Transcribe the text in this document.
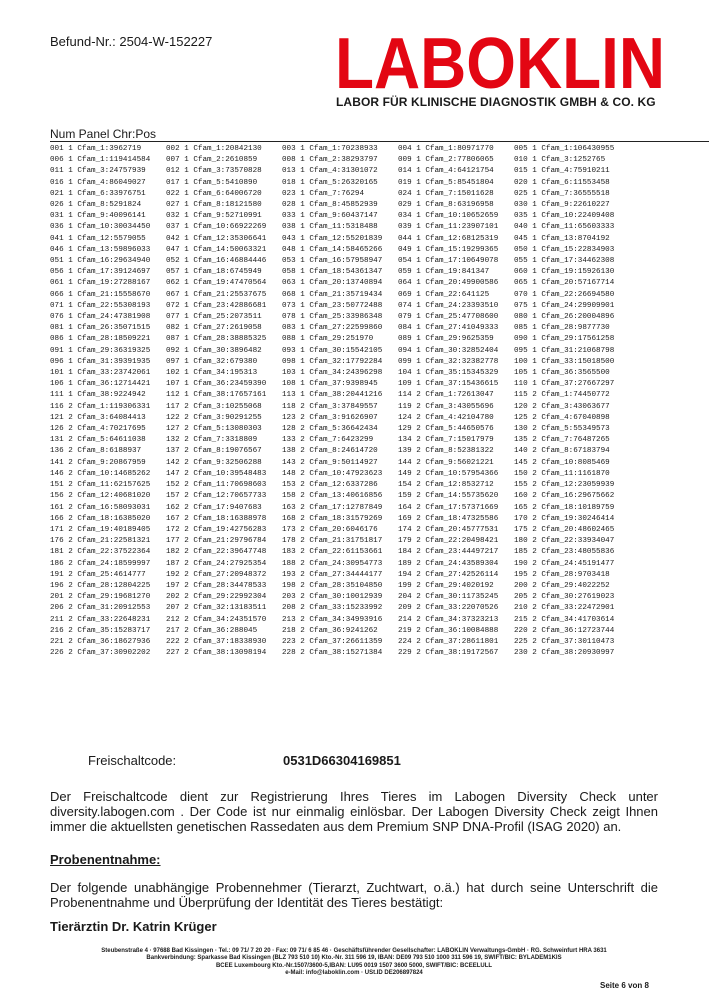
Befund-Nr.: 2504-W-152227 LABOKLIN
LABOR FÜR KLINISCHE DIAGNOSTIK GMBH & CO. KG
Num Panel Chr:Pos
001 1 Cfam_1:3962719	002 1 Cfam_1:20842130	003 1 Cfam_1:70238933	004 1 Cfam_1:80971770	005 1 Cfam_1:106430955
006 1 Cfam_1:119414584	007 1 Cfam_2:2610859	008 1 Cfam_2:38293797	009 1 Cfam_2:77806065	010 1 Cfam_3:1252765
011 1 Cfam_3:24757939	012 1 Cfam_3:73570828	013 1 Cfam_4:31301072	014 1 Cfam_4:64121754	015 1 Cfam_4:75910211
016 1 Cfam_4:86049027	017 1 Cfam_5:5410890	018 1 Cfam_5:26320165	019 1 Cfam_5:85451804	020 1 Cfam_6:11553458
021 1 Cfam_6:33976751	022 1 Cfam_6:64006720	023 1 Cfam_7:76294	024 1 Cfam_7:15011628	025 1 Cfam_7:36555518
026 1 Cfam_8:5291824	027 1 Cfam_8:18121580	028 1 Cfam_8:45852939	029 1 Cfam_8:63196958	030 1 Cfam_9:22610227
031 1 Cfam_9:40096141	032 1 Cfam_9:52710991	033 1 Cfam_9:60437147	034 1 Cfam_10:10652659	035 1 Cfam_10:22409408
036 1 Cfam_10:30034450	037 1 Cfam_10:66922269	038 1 Cfam_11:5318488	039 1 Cfam_11:23907101	040 1 Cfam_11:65603333
041 1 Cfam_12:5579055	042 1 Cfam_12:35306641	043 1 Cfam_12:55201839	044 1 Cfam_12:68125319	045 1 Cfam_13:8704192
046 1 Cfam_13:59896033	047 1 Cfam_14:50063321	048 1 Cfam_14:58465266	049 1 Cfam_15:19299365	050 1 Cfam_15:22834903
051 1 Cfam_16:29634940	052 1 Cfam_16:46884446	053 1 Cfam_16:57958947	054 1 Cfam_17:10649078	055 1 Cfam_17:34462308
056 1 Cfam_17:39124697	057 1 Cfam_18:6745949	058 1 Cfam_18:54361347	059 1 Cfam_19:841347	060 1 Cfam_19:15926130
061 1 Cfam_19:27288167	062 1 Cfam_19:47470564	063 1 Cfam_20:13740894	064 1 Cfam_20:49900586	065 1 Cfam_20:57167714
066 1 Cfam_21:15558670	067 1 Cfam_21:25537675	068 1 Cfam_21:35719434	069 1 Cfam_22:641125	070 1 Cfam_22:26694580
071 1 Cfam_22:55308193	072 1 Cfam_23:42886681	073 1 Cfam_23:50772488	074 1 Cfam_24:23393510	075 1 Cfam_24:29909901
076 1 Cfam_24:47381908	077 1 Cfam_25:2073511	078 1 Cfam_25:33986348	079 1 Cfam_25:47708600	080 1 Cfam_26:20004896
081 1 Cfam_26:35071515	082 1 Cfam_27:2619058	083 1 Cfam_27:22599860	084 1 Cfam_27:41049333	085 1 Cfam_28:9877730
086 1 Cfam_28:18509221	087 1 Cfam_28:38885325	088 1 Cfam_29:251970	089 1 Cfam_29:9625359	090 1 Cfam_29:17561258
091 1 Cfam_29:36319325	092 1 Cfam_30:3896482	093 1 Cfam_30:15542105	094 1 Cfam_30:32852404	095 1 Cfam_31:21068798
096 1 Cfam_31:39391935	097 1 Cfam_32:679380	098 1 Cfam_32:17792284	099 1 Cfam_32:32382778	100 1 Cfam_33:15018500
101 1 Cfam_33:23742061	102 1 Cfam_34:195313	103 1 Cfam_34:24396298	104 1 Cfam_35:15345329	105 1 Cfam_36:3565500
106 1 Cfam_36:12714421	107 1 Cfam_36:23459390	108 1 Cfam_37:9398945	109 1 Cfam_37:15436615	110 1 Cfam_37:27667297
111 1 Cfam_38:9224942	112 1 Cfam_38:17657161	113 1 Cfam_38:20441216	114 2 Cfam_1:72613047	115 2 Cfam_1:74450772
116 2 Cfam_1:119306331	117 2 Cfam_3:10255068	118 2 Cfam_3:37849557	119 2 Cfam_3:43055696	120 2 Cfam_3:43063677
121 2 Cfam_3:64084413	122 2 Cfam_3:90291255	123 2 Cfam_3:91626907	124 2 Cfam_4:42104780	125 2 Cfam_4:67040898
126 2 Cfam_4:70217695	127 2 Cfam_5:13080303	128 2 Cfam_5:36642434	129 2 Cfam_5:44650576	130 2 Cfam_5:55349573
131 2 Cfam_5:64611038	132 2 Cfam_7:3318809	133 2 Cfam_7:6423299	134 2 Cfam_7:15017979	135 2 Cfam_7:76487265
136 2 Cfam_8:6188937	137 2 Cfam_8:19076567	138 2 Cfam_8:24614720	139 2 Cfam_8:52381322	140 2 Cfam_8:67183794
141 2 Cfam_9:20867959	142 2 Cfam_9:32506288	143 2 Cfam_9:50114927	144 2 Cfam_9:56021221	145 2 Cfam_10:8085469
146 2 Cfam_10:14685262	147 2 Cfam_10:39548483	148 2 Cfam_10:47923623	149 2 Cfam_10:57954366	150 2 Cfam_11:1161870
151 2 Cfam_11:62157625	152 2 Cfam_11:70698603	153 2 Cfam_12:6337286	154 2 Cfam_12:8532712	155 2 Cfam_12:23059939
156 2 Cfam_12:40681020	157 2 Cfam_12:70657733	158 2 Cfam_13:40616856	159 2 Cfam_14:55735620	160 2 Cfam_16:29675662
161 2 Cfam_16:58093031	162 2 Cfam_17:9407683	163 2 Cfam_17:12787849	164 2 Cfam_17:57371669	165 2 Cfam_18:10189759
166 2 Cfam_18:16385020	167 2 Cfam_18:16388978	168 2 Cfam_18:31579269	169 2 Cfam_18:47325586	170 2 Cfam_19:30246414
171 2 Cfam_19:40189405	172 2 Cfam_19:42756283	173 2 Cfam_20:6046176	174 2 Cfam_20:45777531	175 2 Cfam_20:48602465
176 2 Cfam_21:22581321	177 2 Cfam_21:29796784	178 2 Cfam_21:31751817	179 2 Cfam_22:20498421	180 2 Cfam_22:33934047
181 2 Cfam_22:37522364	182 2 Cfam_22:39647748	183 2 Cfam_22:61153661	184 2 Cfam_23:44497217	185 2 Cfam_23:48055836
186 2 Cfam_24:18599997	187 2 Cfam_24:27925354	188 2 Cfam_24:30954773	189 2 Cfam_24:43589304	190 2 Cfam_24:45191477
191 2 Cfam_25:4614777	192 2 Cfam_27:20948372	193 2 Cfam_27:34444177	194 2 Cfam_27:42526114	195 2 Cfam_28:9703418
196 2 Cfam_28:12804225	197 2 Cfam_28:34478533	198 2 Cfam_28:35104850	199 2 Cfam_29:4020192	200 2 Cfam_29:4022252
201 2 Cfam_29:19681270	202 2 Cfam_29:22992304	203 2 Cfam_30:10012939	204 2 Cfam_30:11735245	205 2 Cfam_30:27619023
206 2 Cfam_31:20912553	207 2 Cfam_32:13183511	208 2 Cfam_33:15233992	209 2 Cfam_33:22070526	210 2 Cfam_33:22472901
211 2 Cfam_33:22648231	212 2 Cfam_34:24351570	213 2 Cfam_34:34993916	214 2 Cfam_34:37323213	215 2 Cfam_34:41703614
216 2 Cfam_35:15283717	217 2 Cfam_36:288045	218 2 Cfam_36:9241262	219 2 Cfam_36:10084888	220 2 Cfam_36:12723744
221 2 Cfam_36:18627936	222 2 Cfam_37:18338930	223 2 Cfam_37:26611359	224 2 Cfam_37:28611801	225 2 Cfam_37:30110473
226 2 Cfam_37:30902202	227 2 Cfam_38:13098194	228 2 Cfam_38:15271384	229 2 Cfam_38:19172567	230 2 Cfam_38:20930997
Freischaltcode:	0531D66304169851
Der Freischaltcode dient zur Registrierung Ihres Tieres im Labogen Diversity Check unter diversity.labogen.com . Der Code ist nur einmalig einlösbar. Der Labogen Diversity Check zeigt Ihnen immer die aktuellsten genetischen Rassedaten aus dem Premium SNP DNA-Profil (ISAG 2020) an.
Probenentnahme:
Der folgende unabhängige Probennehmer (Tierarzt, Zuchtwart, o.ä.) hat durch seine Unterschrift die Probenentnahme und Überprüfung der Identität des Tieres bestätigt:
Tierärztin Dr. Katrin Krüger
Steubenstraße 4 · 97688 Bad Kissingen · Tel.: 09 71/ 7 20 20 · Fax: 09 71/ 6 85 46 · Geschäftsführender Gesellschafter: LABOKLIN Verwaltungs-GmbH · RG. Schweinfurt HRA 3631
Bankverbindung: Sparkasse Bad Kissingen (BLZ 793 510 10) Kto.-Nr. 311 596 19, IBAN: DE09 793 510 1000 311 596 19, SWIFT/BIC: BYLADEM1KIS
BCEE Luxembourg Kto.-Nr.1507/3600-5,IBAN: LU95 0019 1507 3600 5000, SWIFT/BIC: BCEELULL
e-Mail: info@laboklin.com · USt.ID DE206897824
Seite 6 von 8
